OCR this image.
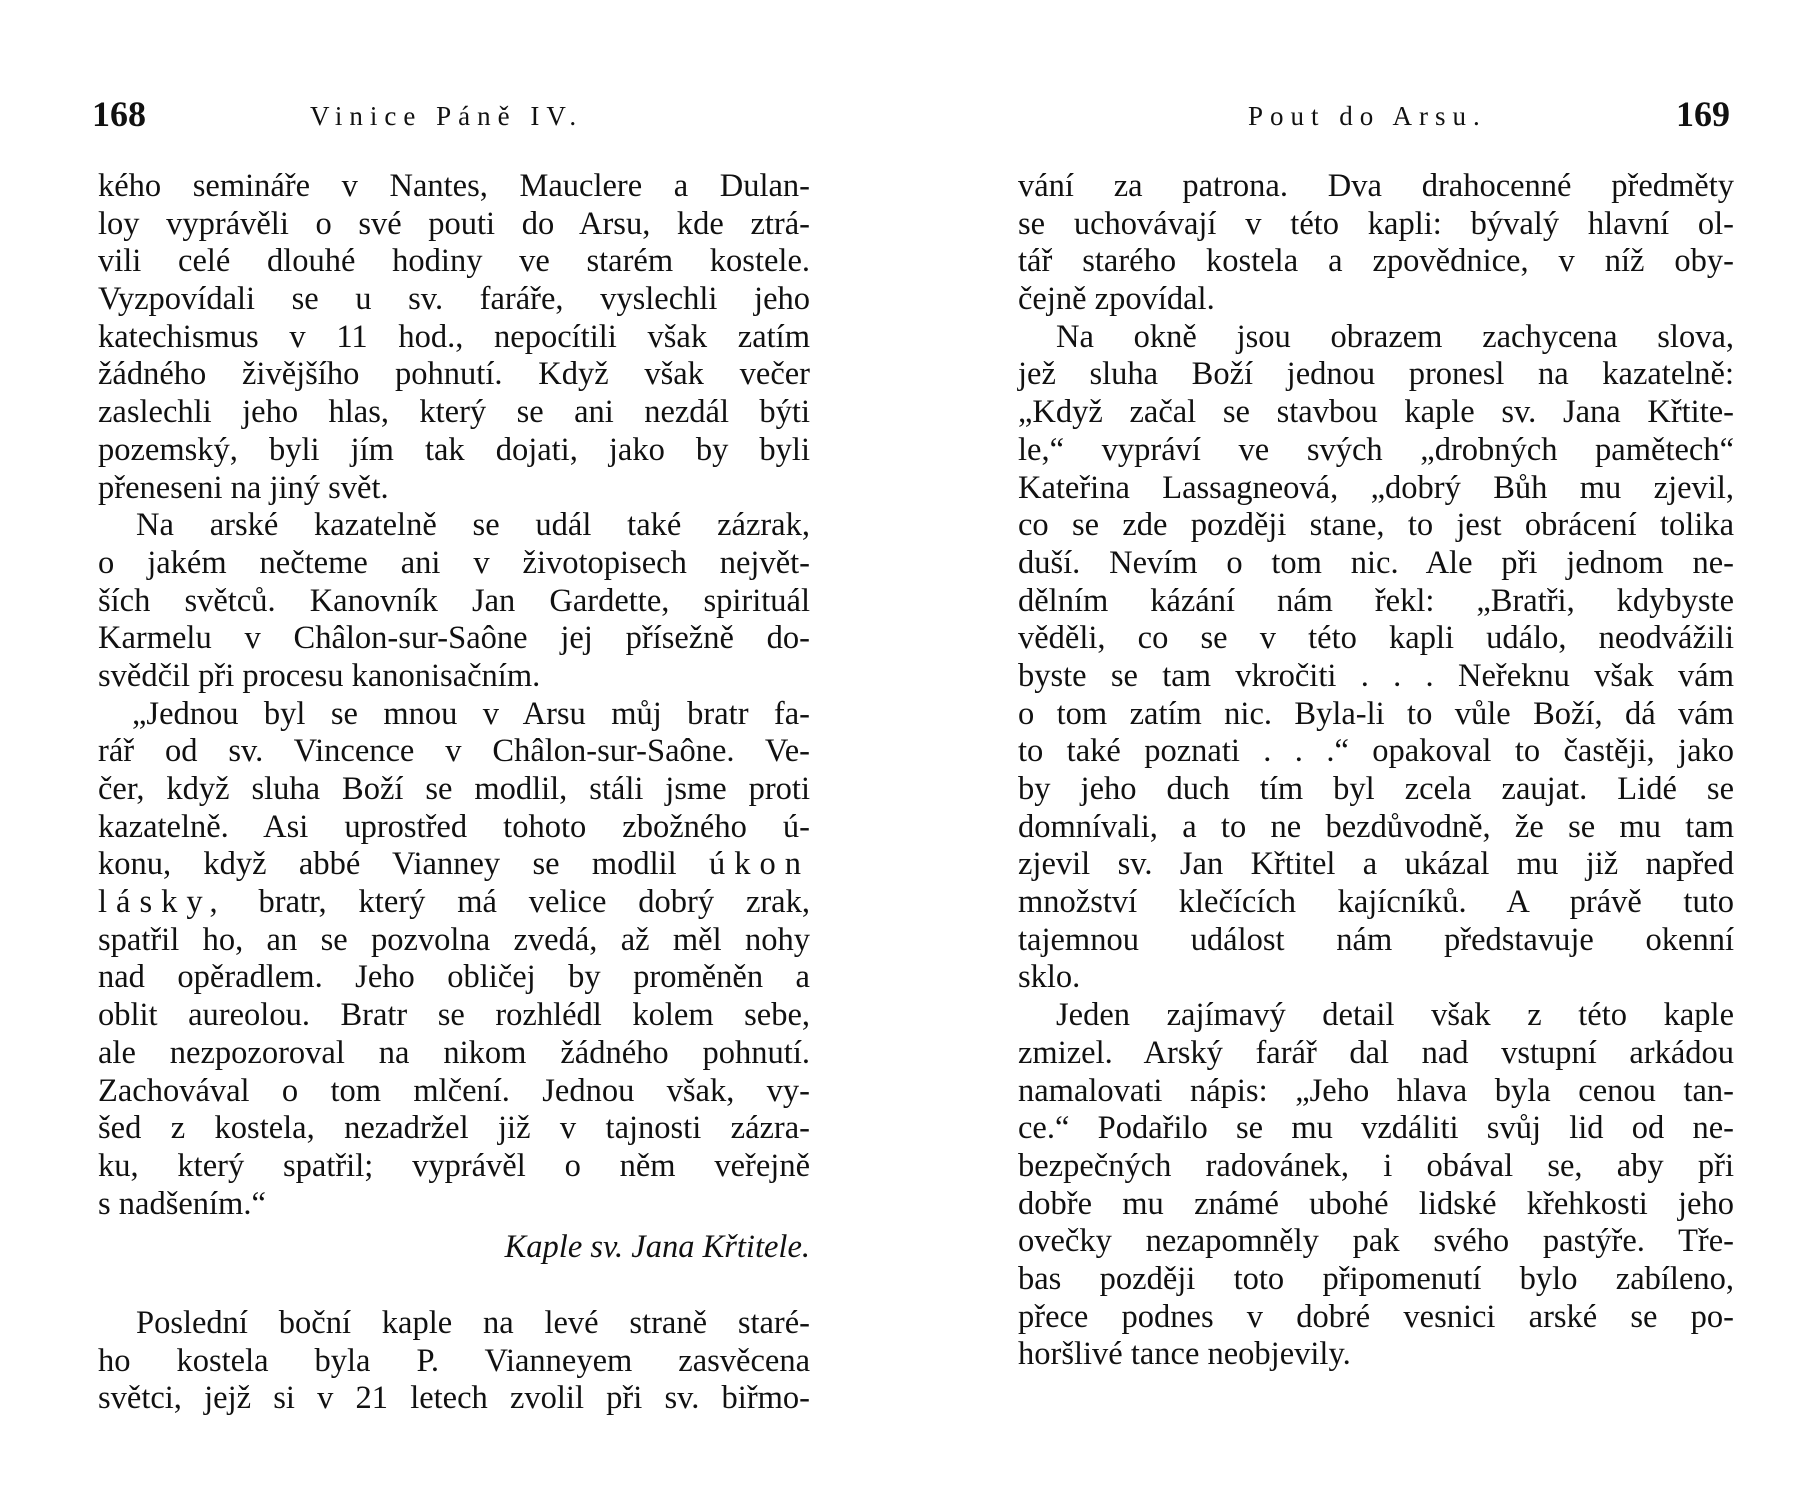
168	Vinice Páně IV.
kého semináře v Nantes, Mauclere a Dulan-
loy vyprávěli o své pouti do Arsu, kde ztrá-
vili celé dlouhé hodiny ve starém kostele.
Vyzpovídali se u sv. faráře, vyslechli jeho
katechismus v 11 hod., nepocítili však zatím
žádného živějšího pohnutí. Když však večer
zaslechli jeho hlas, který se ani nezdál býti
pozemský, byli jím tak dojati, jako by byli
přeneseni na jiný svět.
Na arské kazatelně se udál také zázrak,
o jakém nečteme ani v životopisech největ-
ších světců. Kanovník Jan Gardette, spirituál
Karmelu v Châlon-sur-Saône jej přísežně do-
svědčil při procesu kanonisačním.
„Jednou byl se mnou v Arsu můj bratr fa-
rář od sv. Vincence v Châlon-sur-Saône. Ve-
čer, když sluha Boží se modlil, stáli jsme proti
kazatelně. Asi uprostřed tohoto zbožného ú-
konu, když abbé Vianney se modlil úkon
lásky, bratr, který má velice dobrý zrak,
spatřil ho, an se pozvolna zvedá, až měl nohy
nad opěradlem. Jeho obličej by proměněn a
oblit aureolou. Bratr se rozhlédl kolem sebe,
ale nezpozoroval na nikom žádného pohnutí.
Zachovával o tom mlčení. Jednou však, vy-
šed z kostela, nezadržel již v tajnosti zázra-
ku, který spatřil; vyprávěl o něm veřejně
s nadšením.“
Kaple sv. Jana Křtitele.
Poslední boční kaple na levé straně staré-
ho kostela byla P. Vianneyem zasvěcena
světci, jejž si v 21 letech zvolil při sv. biřmo-
Pout do Arsu.	169
vání za patrona. Dva drahocenné předměty
se uchovávají v této kapli: bývalý hlavní ol-
tář starého kostela a zpovědnice, v níž oby-
čejně zpovídal.
Na okně jsou obrazem zachycena slova,
jež sluha Boží jednou pronesl na kazatelně:
„Když začal se stavbou kaple sv. Jana Křtite-
le,“ vypráví ve svých „drobných pamětech“
Kateřina Lassagneová, „dobrý Bůh mu zjevil,
co se zde později stane, to jest obrácení tolika
duší. Nevím o tom nic. Ale při jednom ne-
dělním kázání nám řekl: „Bratři, kdybyste
věděli, co se v této kapli událo, neodvážili
byste se tam vkročiti . . . Neřeknu však vám
o tom zatím nic. Byla-li to vůle Boží, dá vám
to také poznati . . .“ opakoval to častěji, jako
by jeho duch tím byl zcela zaujat. Lidé se
domnívali, a to ne bezdůvodně, že se mu tam
zjevil sv. Jan Křtitel a ukázal mu již napřed
množství klečících kajícníků. A právě tuto
tajemnou událost nám představuje okenní
sklo.
Jeden zajímavý detail však z této kaple
zmizel. Arský farář dal nad vstupní arkádou
namalovati nápis: „Jeho hlava byla cenou tan-
ce.“ Podařilo se mu vzdáliti svůj lid od ne-
bezpečných radovánek, i obával se, aby při
dobře mu známé ubohé lidské křehkosti jeho
ovečky nezapomněly pak svého pastýře. Tře-
bas později toto připomenutí bylo zabíleno,
přece podnes v dobré vesnici arské se po-
horšlivé tance neobjevily.
